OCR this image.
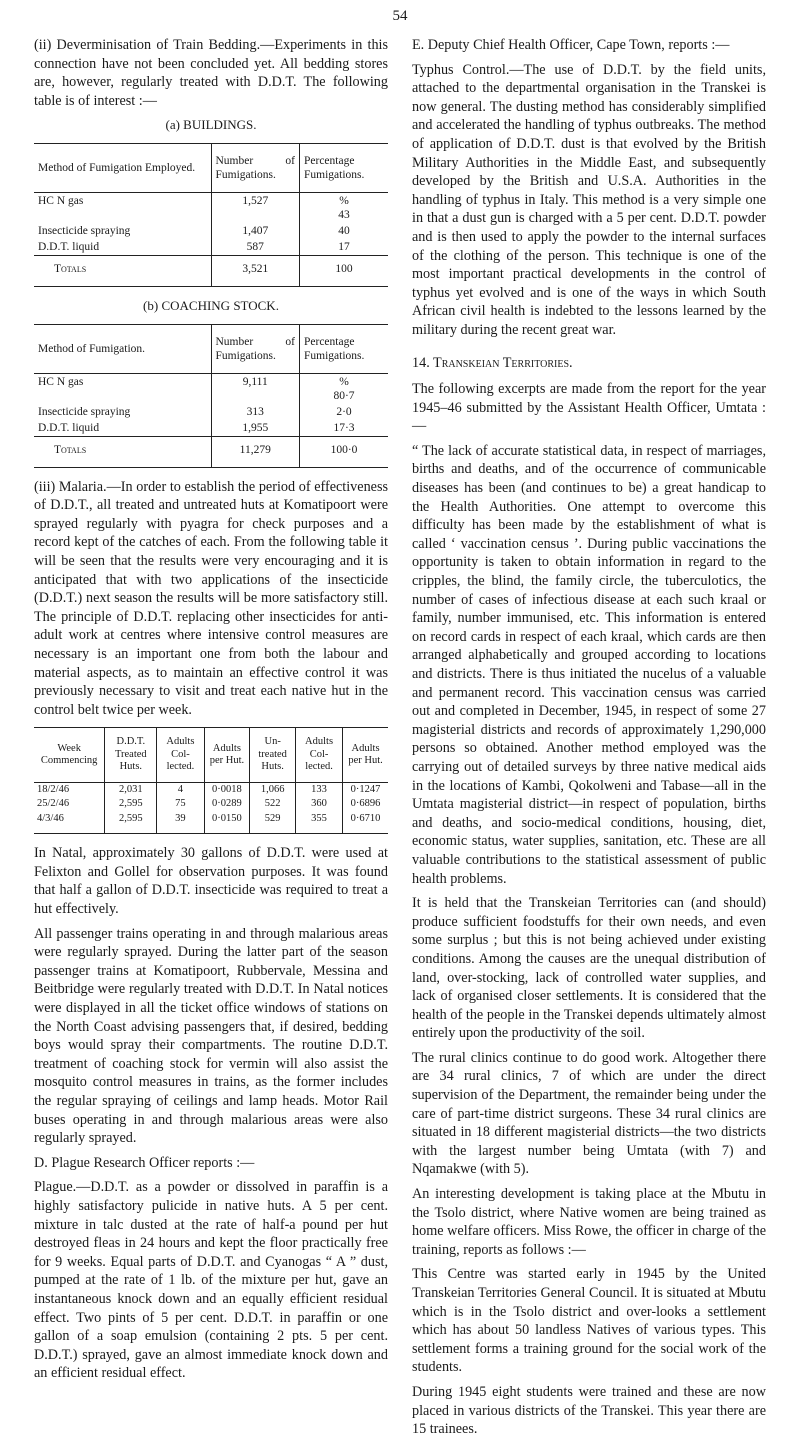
54

(ii) Deverminisation of Train Bedding.—Experiments in this connection have not been concluded yet. All bedding stores are, however, regularly treated with D.D.T. The following table is of interest :—

(a) BUILDINGS.
Method of Fumigation Employed.	Number of Fumigations.	Percentage Fumigations.
HC N gas	1,527	%
43
Insecticide spraying	1,407	40
D.D.T. liquid	587	17
Totals	3,521	100
(b) COACHING STOCK.
Method of Fumigation.	Number of Fumigations.	Percentage Fumigations.
HC N gas	9,111	%
80·7
Insecticide spraying	313	2·0
D.D.T. liquid	1,955	17·3
Totals	11,279	100·0

(iii) Malaria.—In order to establish the period of effectiveness of D.D.T., all treated and untreated huts at Komatipoort were sprayed regularly with pyagra for check purposes and a record kept of the catches of each. From the following table it will be seen that the results were very encouraging and it is anticipated that with two applications of the insecticide (D.D.T.) next season the results will be more satisfactory still. The principle of D.D.T. replacing other insecticides for anti-adult work at centres where intensive control measures are necessary is an important one from both the labour and material aspects, as to maintain an effective control it was previously necessary to visit and treat each native hut in the control belt twice per week.

Week Commencing	D.D.T. Treated Huts.	Adults Col- lected.	Adults per Hut.	Un- treated Huts.	Adults Col- lected.	Adults per Hut.
18/2/46	2,031	4	0·0018	1,066	133	0·1247
25/2/46	2,595	75	0·0289	522	360	0·6896
4/3/46	2,595	39	0·0150	529	355	0·6710

In Natal, approximately 30 gallons of D.D.T. were used at Felixton and Gollel for observation purposes. It was found that half a gallon of D.D.T. insecticide was required to treat a hut effectively.

All passenger trains operating in and through malarious areas were regularly sprayed. During the latter part of the season passenger trains at Komatipoort, Rubbervale, Messina and Beitbridge were regularly treated with D.D.T. In Natal notices were displayed in all the ticket office windows of stations on the North Coast advising passengers that, if desired, bedding boys would spray their compartments. The routine D.D.T. treatment of coaching stock for vermin will also assist the mosquito control measures in trains, as the former includes the regular spraying of ceilings and lamp heads. Motor Rail buses operating in and through malarious areas were also regularly sprayed.

D. Plague Research Officer reports :—

Plague.—D.D.T. as a powder or dissolved in paraffin is a highly satisfactory pulicide in native huts. A 5 per cent. mixture in talc dusted at the rate of half-a pound per hut destroyed fleas in 24 hours and kept the floor practically free for 9 weeks. Equal parts of D.D.T. and Cyanogas “ A ” dust, pumped at the rate of 1 lb. of the mixture per hut, gave an instantaneous knock down and an equally efficient residual effect. Two pints of 5 per cent. D.D.T. in paraffin or one gallon of a soap emulsion (containing 2 pts. 5 per cent. D.D.T.) sprayed, gave an almost immediate knock down and an efficient residual effect.

E. Deputy Chief Health Officer, Cape Town, reports :—

Typhus Control.—The use of D.D.T. by the field units, attached to the departmental organisation in the Transkei is now general. The dusting method has considerably simplified and accelerated the handling of typhus outbreaks. The method of application of D.D.T. dust is that evolved by the British Military Authorities in the Middle East, and subsequently developed by the British and U.S.A. Authorities in the handling of typhus in Italy. This method is a very simple one in that a dust gun is charged with a 5 per cent. D.D.T. powder and is then used to apply the powder to the internal surfaces of the clothing of the person. This technique is one of the most important practical developments in the control of typhus yet evolved and is one of the ways in which South African civil health is indebted to the lessons learned by the military during the recent great war.

14. Transkeian Territories.

The following excerpts are made from the report for the year 1945–46 submitted by the Assistant Health Officer, Umtata :—

“ The lack of accurate statistical data, in respect of marriages, births and deaths, and of the occurrence of communicable diseases has been (and continues to be) a great handicap to the Health Authorities. One attempt to overcome this difficulty has been made by the establishment of what is called ‘ vaccination census ’. During public vaccinations the opportunity is taken to obtain information in regard to the cripples, the blind, the family circle, the tuberculotics, the number of cases of infectious disease at each such kraal or family, number immunised, etc. This information is entered on record cards in respect of each kraal, which cards are then arranged alphabetically and grouped according to locations and districts. There is thus initiated the nucelus of a valuable and permanent record. This vaccination census was carried out and completed in December, 1945, in respect of some 27 magisterial districts and records of approximately 1,290,000 persons so obtained. Another method employed was the carrying out of detailed surveys by three native medical aids in the locations of Kambi, Qokolweni and Tabase—all in the Umtata magisterial district—in respect of population, births and deaths, and socio-medical conditions, housing, diet, economic status, water supplies, sanitation, etc. These are all valuable contributions to the statistical assessment of public health problems.

It is held that the Transkeian Territories can (and should) produce sufficient foodstuffs for their own needs, and even some surplus ; but this is not being achieved under existing conditions. Among the causes are the unequal distribution of land, over-stocking, lack of controlled water supplies, and lack of organised closer settlements. It is considered that the health of the people in the Transkei depends ultimately almost entirely upon the productivity of the soil.

The rural clinics continue to do good work. Altogether there are 34 rural clinics, 7 of which are under the direct supervision of the Department, the remainder being under the care of part-time district surgeons. These 34 rural clinics are situated in 18 different magisterial districts—the two districts with the largest number being Umtata (with 7) and Nqamakwe (with 5).

An interesting development is taking place at the Mbutu in the Tsolo district, where Native women are being trained as home welfare officers. Miss Rowe, the officer in charge of the training, reports as follows :—

This Centre was started early in 1945 by the United Transkeian Territories General Council. It is situated at Mbutu which is in the Tsolo district and over-looks a settlement which has about 50 landless Natives of various types. This settlement forms a training ground for the social work of the students.

During 1945 eight students were trained and these are now placed in various districts of the Transkei. This year there are 15 trainees.
